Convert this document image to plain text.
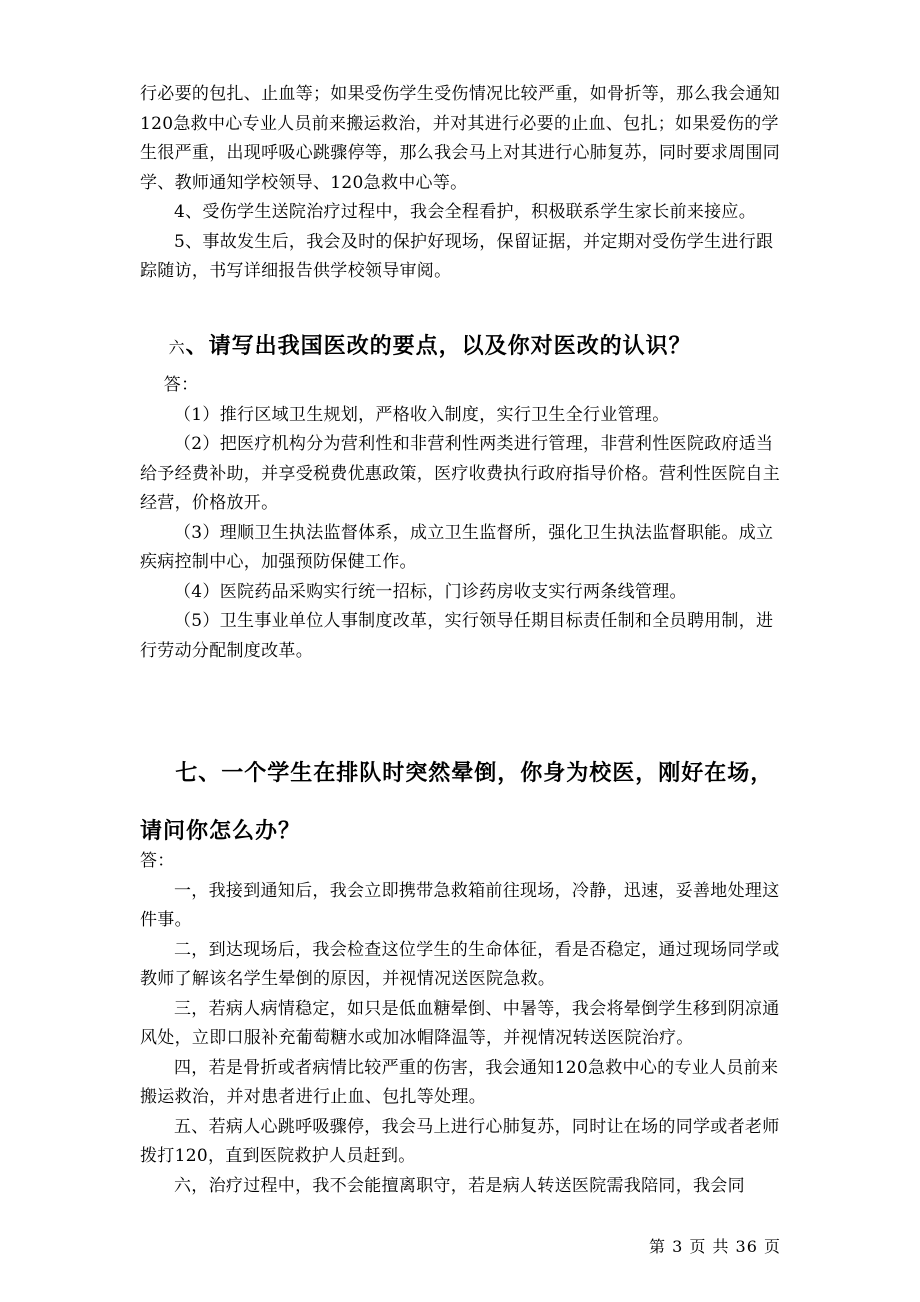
行必要的包扎、止血等；如果受伤学生受伤情况比较严重，如骨折等，那么我会通知120急救中心专业人员前来搬运救治，并对其进行必要的止血、包扎；如果爱伤的学生很严重，出现呼吸心跳骤停等，那么我会马上对其进行心肺复苏，同时要求周围同学、教师通知学校领导、120急救中心等。

4、受伤学生送院治疗过程中，我会全程看护，积极联系学生家长前来接应。

5、事故发生后，我会及时的保护好现场，保留证据，并定期对受伤学生进行跟踪随访，书写详细报告供学校领导审阅。

六、请写出我国医改的要点，以及你对医改的认识？

答：

（1）推行区域卫生规划，严格收入制度，实行卫生全行业管理。

（2）把医疗机构分为营利性和非营利性两类进行管理，非营利性医院政府适当给予经费补助，并享受税费优惠政策，医疗收费执行政府指导价格。营利性医院自主经营，价格放开。

（3）理顺卫生执法监督体系，成立卫生监督所，强化卫生执法监督职能。成立疾病控制中心，加强预防保健工作。

（4）医院药品采购实行统一招标，门诊药房收支实行两条线管理。

（5）卫生事业单位人事制度改革，实行领导任期目标责任制和全员聘用制，进行劳动分配制度改革。

七、一个学生在排队时突然晕倒，你身为校医，刚好在场，请问你怎么办？

答：

一，我接到通知后，我会立即携带急救箱前往现场，冷静，迅速，妥善地处理这件事。

二，到达现场后，我会检查这位学生的生命体征，看是否稳定，通过现场同学或教师了解该名学生晕倒的原因，并视情况送医院急救。

三，若病人病情稳定，如只是低血糖晕倒、中暑等，我会将晕倒学生移到阴凉通风处，立即口服补充葡萄糖水或加冰帽降温等，并视情况转送医院治疗。

四，若是骨折或者病情比较严重的伤害，我会通知120急救中心的专业人员前来搬运救治，并对患者进行止血、包扎等处理。

五、若病人心跳呼吸骤停，我会马上进行心肺复苏，同时让在场的同学或者老师拨打120，直到医院救护人员赶到。

六，治疗过程中，我不会能擅离职守，若是病人转送医院需我陪同，我会同

第 3 页 共 36 页
